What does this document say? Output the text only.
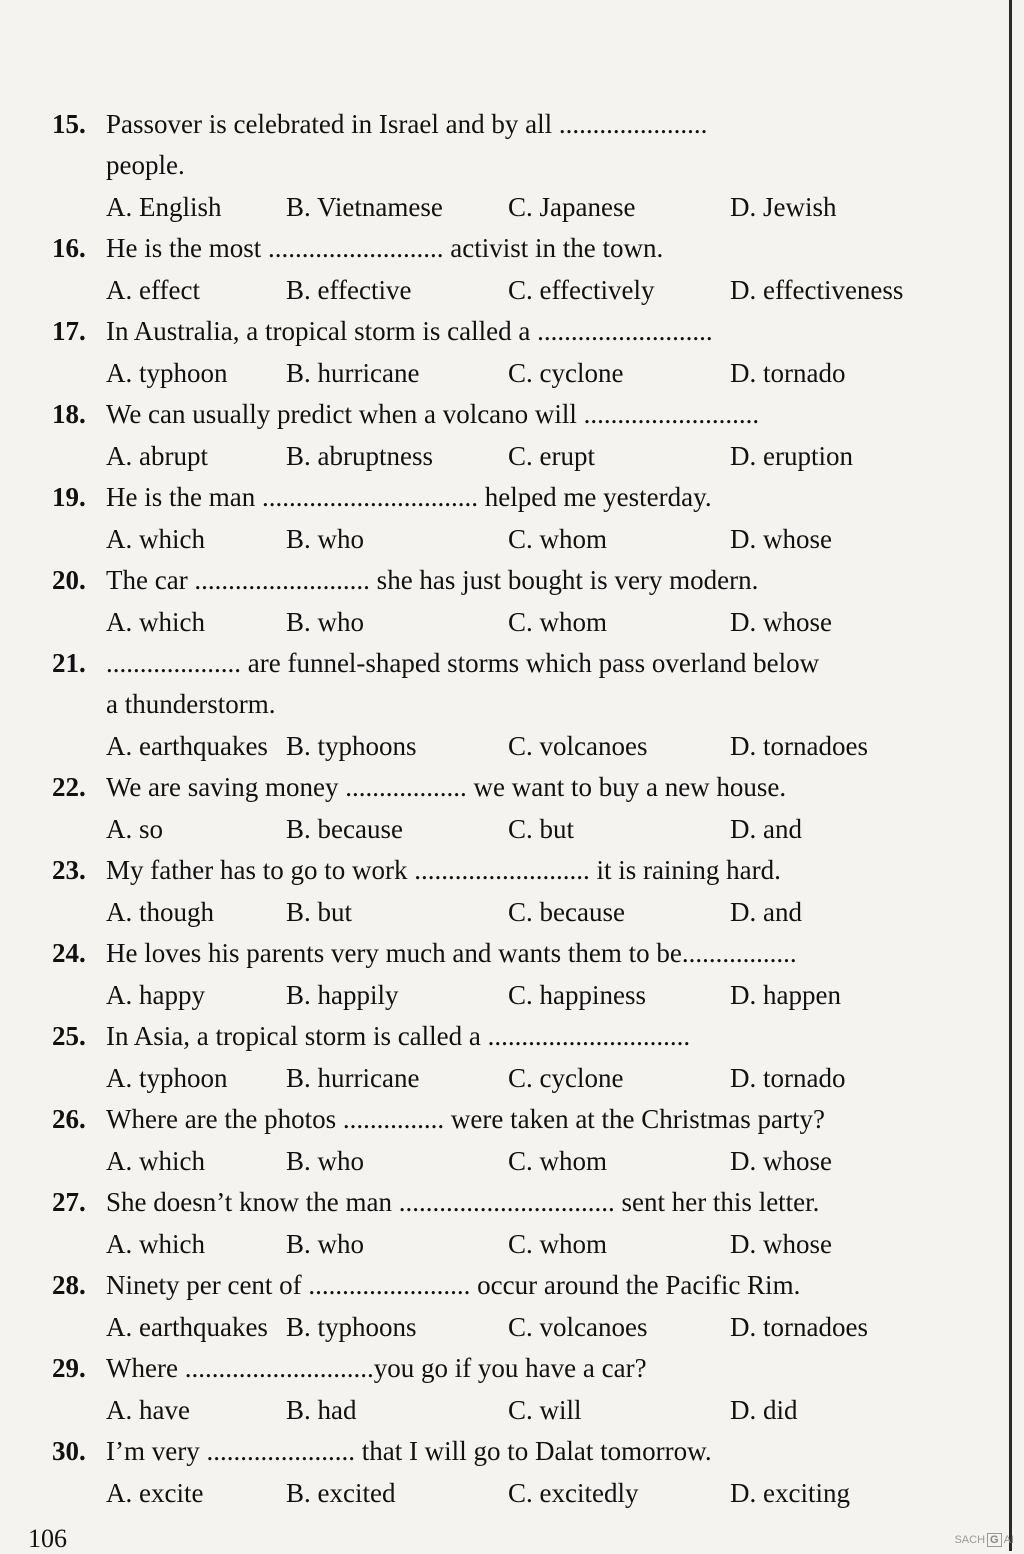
15. Passover is celebrated in Israel and by all ......................
people.
A. English	B. Vietnamese	C. Japanese	D. Jewish
16. He is the most .......................... activist in the town.
A. effect	B. effective	C. effectively	D. effectiveness
17. In Australia, a tropical storm is called a ..........................
A. typhoon	B. hurricane	C. cyclone	D. tornado
18. We can usually predict when a volcano will ..........................
A. abrupt	B. abruptness	C. erupt	D. eruption
19. He is the man ................................ helped me yesterday.
A. which	B. who	C. whom	D. whose
20. The car .......................... she has just bought is very modern.
A. which	B. who	C. whom	D. whose
21. .................... are funnel-shaped storms which pass overland below
a thunderstorm.
A. earthquakes B. typhoons	C. volcanoes	D. tornadoes
22. We are saving money .................. we want to buy a new house.
A. so	B. because	C. but	D. and
23. My father has to go to work .......................... it is raining hard.
A. though	B. but	C. because	D. and
24. He loves his parents very much and wants them to be.................
A. happy	B. happily	C. happiness	D. happen
25. In Asia, a tropical storm is called a ..............................
A. typhoon	B. hurricane	C. cyclone	D. tornado
26. Where are the photos ............... were taken at the Christmas party?
A. which	B. who	C. whom	D. whose
27. She doesn’t know the man ................................ sent her this letter.
A. which	B. who	C. whom	D. whose
28. Ninety per cent of ........................ occur around the Pacific Rim.
A. earthquakes B. typhoons	C. volcanoes	D. tornadoes
29. Where ............................you go if you have a car?
A. have	B. had	C. will	D. did
30. I’m very ...................... that I will go to Dalat tomorrow.
A. excite	B. excited	C. excitedly	D. exciting
106	SACH G AI
